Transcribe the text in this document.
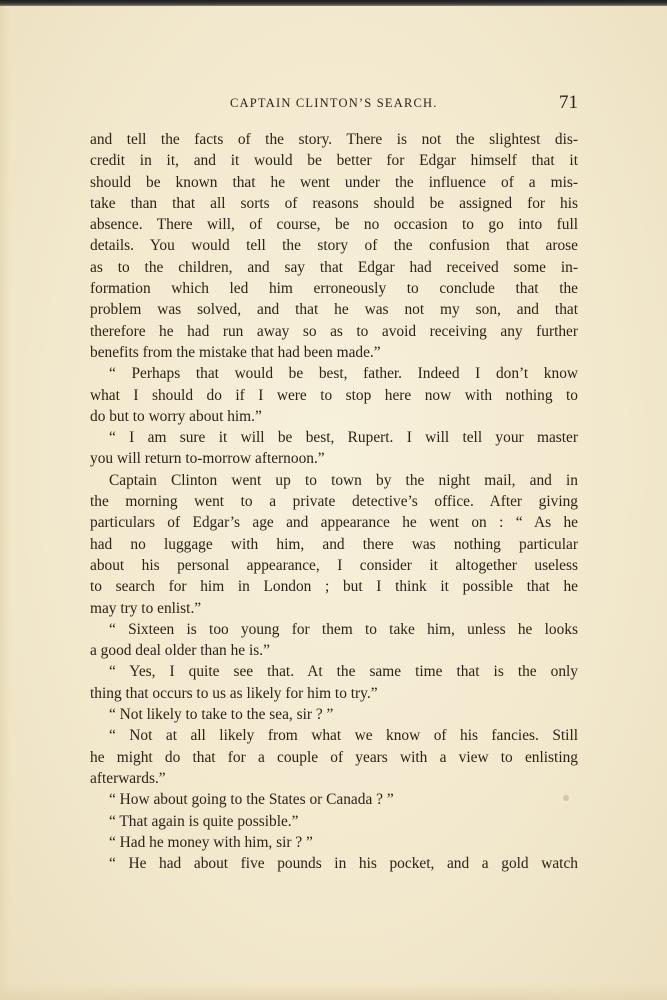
CAPTAIN CLINTON’S SEARCH.	71
and tell the facts of the story. There is not the slightest dis-
credit in it, and it would be better for Edgar himself that it
should be known that he went under the influence of a mis-
take than that all sorts of reasons should be assigned for his
absence. There will, of course, be no occasion to go into full
details. You would tell the story of the confusion that arose
as to the children, and say that Edgar had received some in-
formation which led him erroneously to conclude that the
problem was solved, and that he was not my son, and that
therefore he had run away so as to avoid receiving any further
benefits from the mistake that had been made.”
“ Perhaps that would be best, father. Indeed I don’t know
what I should do if I were to stop here now with nothing to
do but to worry about him.”
“ I am sure it will be best, Rupert. I will tell your master
you will return to-morrow afternoon.”
Captain Clinton went up to town by the night mail, and in
the morning went to a private detective’s office. After giving
particulars of Edgar’s age and appearance he went on : “ As he
had no luggage with him, and there was nothing particular
about his personal appearance, I consider it altogether useless
to search for him in London ; but I think it possible that he
may try to enlist.”
“ Sixteen is too young for them to take him, unless he looks
a good deal older than he is.”
“ Yes, I quite see that. At the same time that is the only
thing that occurs to us as likely for him to try.”
“ Not likely to take to the sea, sir ? ”
“ Not at all likely from what we know of his fancies. Still
he might do that for a couple of years with a view to enlisting
afterwards.”
“ How about going to the States or Canada ? ”
“ That again is quite possible.”
“ Had he money with him, sir ? ”
“ He had about five pounds in his pocket, and a gold watch
